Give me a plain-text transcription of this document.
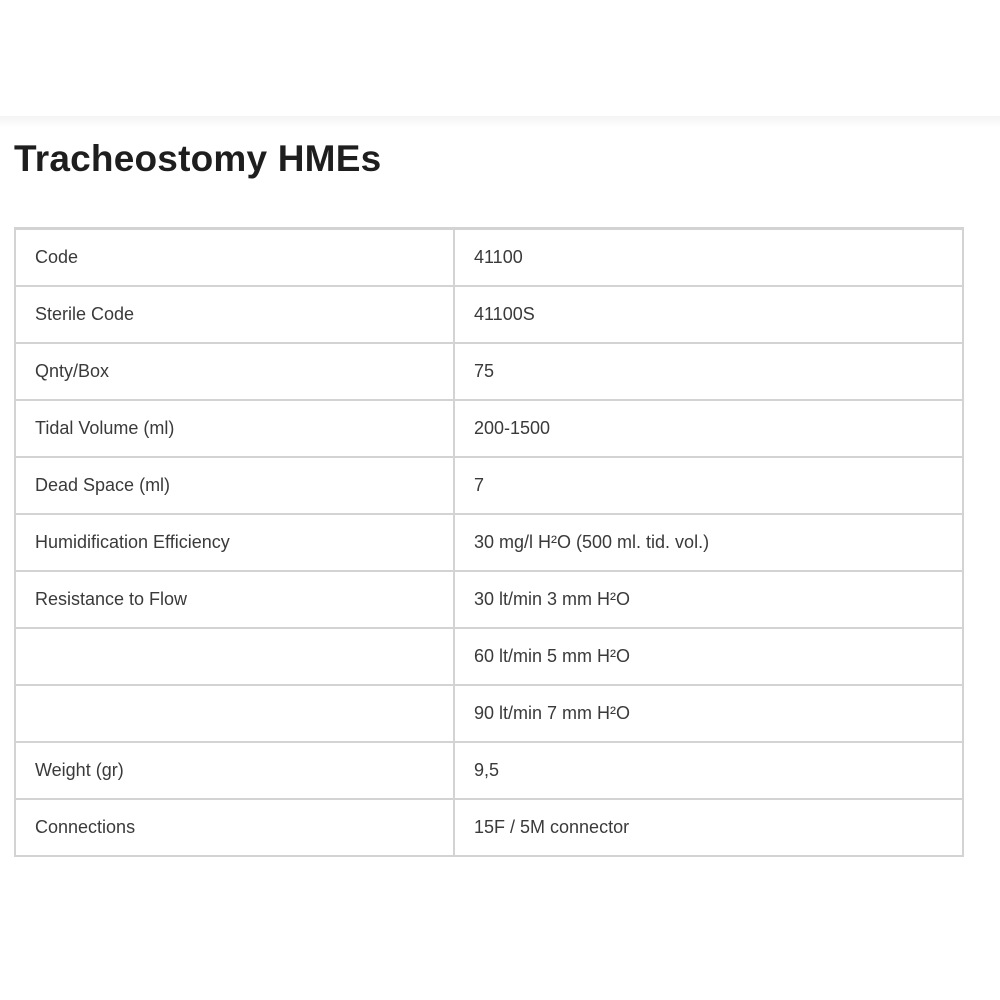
Tracheostomy HMEs
Code	41100
Sterile Code	41100S
Qnty/Box	75
Tidal Volume (ml)	200-1500
Dead Space (ml)	7
Humidification Efficiency	30 mg/l H²O (500 ml. tid. vol.)
Resistance to Flow	30 lt/min 3 mm H²O
	60 lt/min 5 mm H²O
	90 lt/min 7 mm H²O
Weight (gr)	9,5
Connections	15F / 5M connector
